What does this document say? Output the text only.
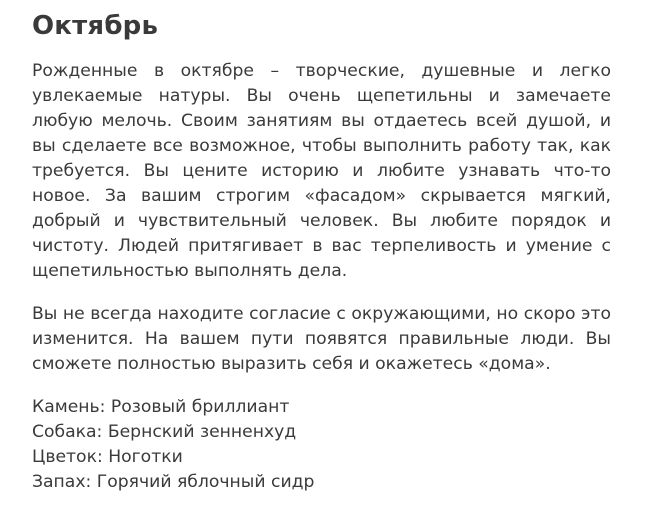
Октябрь

Рожденные в октябре – творческие, душевные и легко увлекаемые натуры. Вы очень щепетильны и замечаете любую мелочь. Своим занятиям вы отдаетесь всей душой, и вы сделаете все возможное, чтобы выполнить работу так, как требуется. Вы цените историю и любите узнавать что-то новое. За вашим строгим «фасадом» скрывается мягкий, добрый и чувствительный человек. Вы любите порядок и чистоту. Людей притягивает в вас терпеливость и умение с щепетильностью выполнять дела.

Вы не всегда находите согласие с окружающими, но скоро это изменится. На вашем пути появятся правильные люди. Вы сможете полностью выразить себя и окажетесь «дома».

Камень: Розовый бриллиант
Собака: Бернский зенненхуд
Цветок: Ноготки
Запах: Горячий яблочный сидр
